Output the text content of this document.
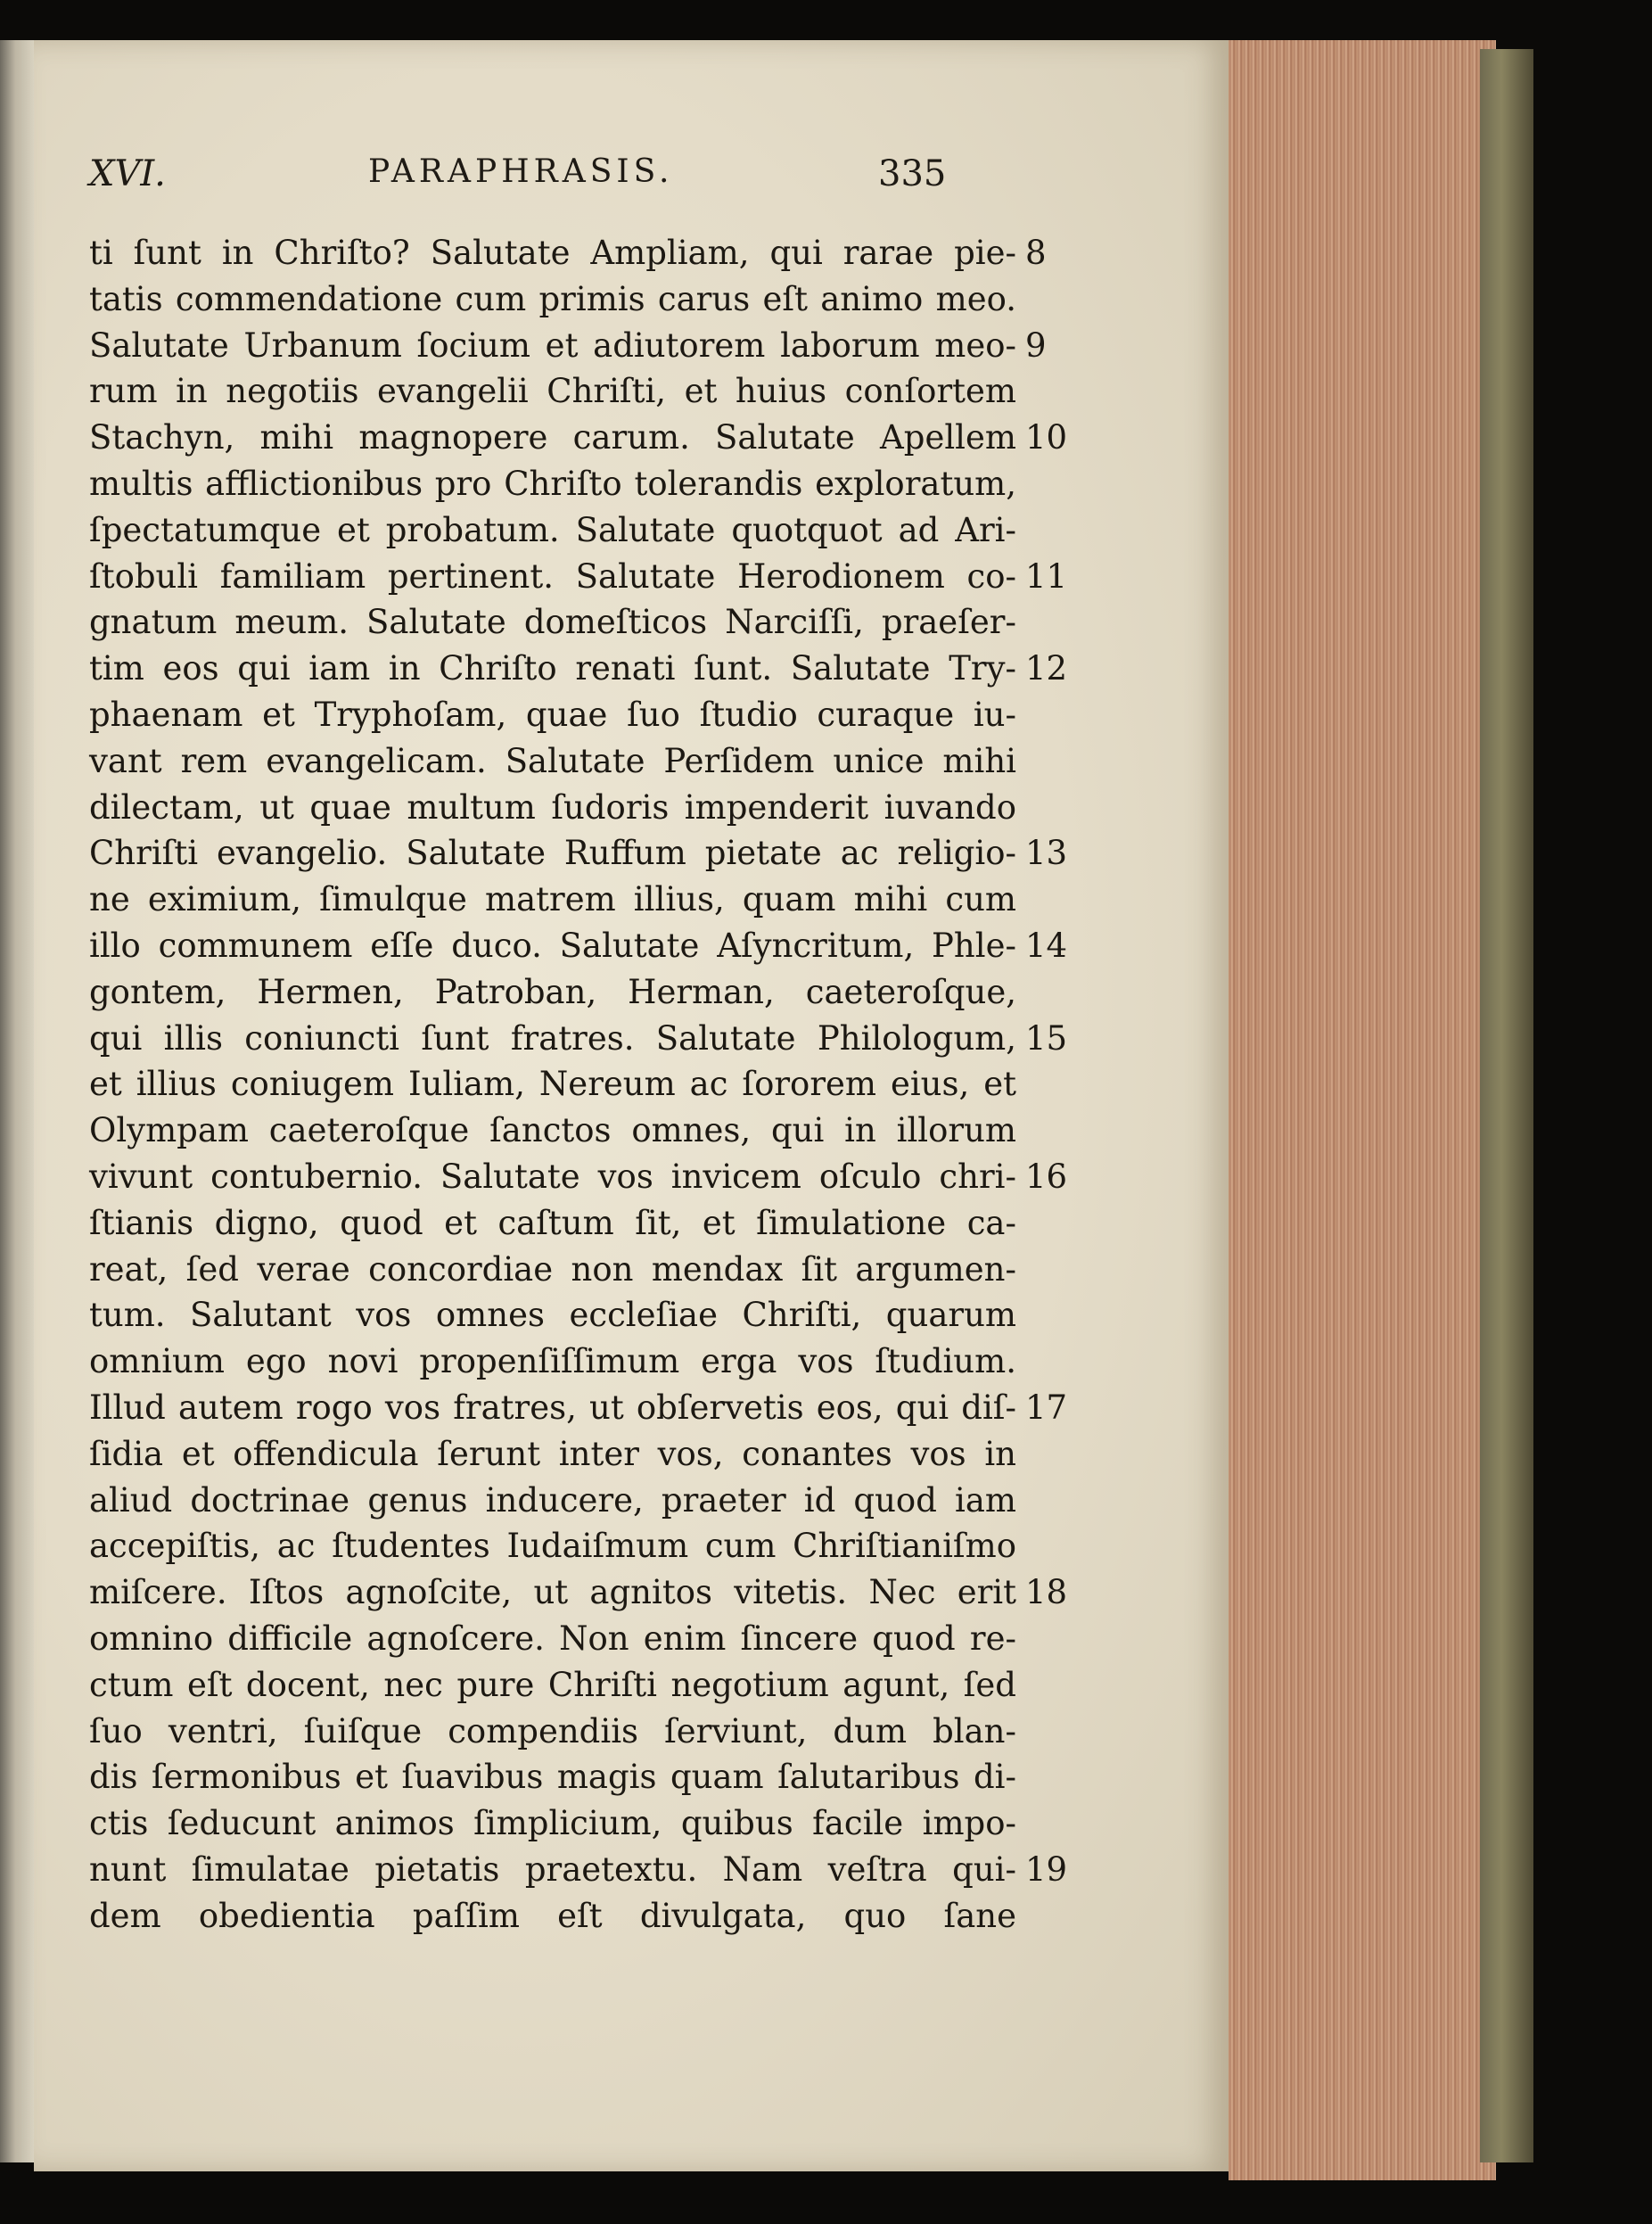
XVI.	PARAPHRASIS.	335
ti ſunt in Chriſto? Salutate Ampliam, qui rarae pie-
tatis commendatione cum primis carus eſt animo meo.
Salutate Urbanum ſocium et adiutorem laborum meo-
rum in negotiis evangelii Chriſti, et huius conſortem
Stachyn, mihi magnopere carum. Salutate Apellem
multis afflictionibus pro Chriſto tolerandis exploratum,
ſpectatumque et probatum. Salutate quotquot ad Ari-
ſtobuli familiam pertinent. Salutate Herodionem co-
gnatum meum. Salutate domeſticos Narciſſi, praeſer-
tim eos qui iam in Chriſto renati ſunt. Salutate Try-
phaenam et Tryphoſam, quae ſuo ſtudio curaque iu-
vant rem evangelicam. Salutate Perſidem unice mihi
dilectam, ut quae multum ſudoris impenderit iuvando
Chriſti evangelio. Salutate Ruffum pietate ac religio-
ne eximium, ſimulque matrem illius, quam mihi cum
illo communem eſſe duco. Salutate Aſyncritum, Phle-
gontem, Hermen, Patroban, Herman, caeteroſque,
qui illis coniuncti ſunt fratres. Salutate Philologum,
et illius coniugem Iuliam, Nereum ac ſororem eius, et
Olympam caeteroſque ſanctos omnes, qui in illorum
vivunt contubernio. Salutate vos invicem oſculo chri-
ſtianis digno, quod et caſtum ſit, et ſimulatione ca-
reat, ſed verae concordiae non mendax ſit argumen-
tum. Salutant vos omnes eccleſiae Chriſti, quarum
omnium ego novi propenſiſſimum erga vos ſtudium.
Illud autem rogo vos fratres, ut obſervetis eos, qui diſ-
ſidia et offendicula ſerunt inter vos, conantes vos in
aliud doctrinae genus inducere, praeter id quod iam
accepiſtis, ac ſtudentes Iudaiſmum cum Chriſtianiſmo
miſcere. Iſtos agnoſcite, ut agnitos vitetis. Nec erit
omnino difficile agnoſcere. Non enim ſincere quod re-
ctum eſt docent, nec pure Chriſti negotium agunt, ſed
ſuo ventri, ſuiſque compendiis ſerviunt, dum blan-
dis ſermonibus et ſuavibus magis quam ſalutaribus di-
ctis ſeducunt animos ſimplicium, quibus facile impo-
nunt ſimulatae pietatis praetextu. Nam veſtra qui-
dem obedientia paſſim eſt divulgata, quo ſane
8
9
10
11
12
13
14
15
16
17
18
19
